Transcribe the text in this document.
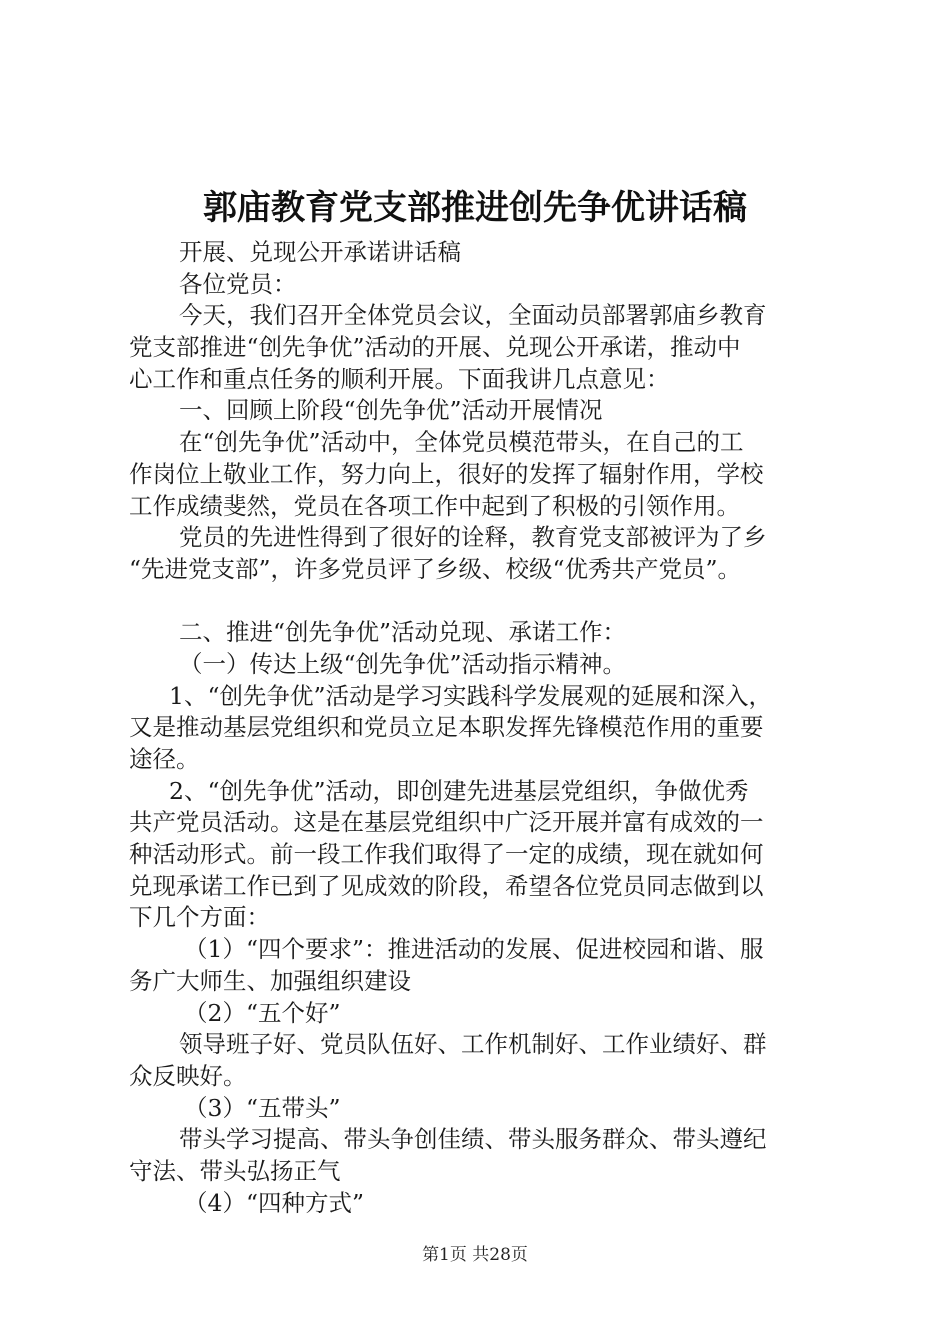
郭庙教育党支部推进创先争优讲话稿
开展、兑现公开承诺讲话稿
各位党员：
今天，我们召开全体党员会议，全面动员部署郭庙乡教育
党支部推进“创先争优”活动的开展、兑现公开承诺，推动中
心工作和重点任务的顺利开展。下面我讲几点意见：
一、回顾上阶段“创先争优”活动开展情况
在“创先争优”活动中，全体党员模范带头，在自己的工
作岗位上敬业工作，努力向上，很好的发挥了辐射作用，学校
工作成绩斐然，党员在各项工作中起到了积极的引领作用。
党员的先进性得到了很好的诠释，教育党支部被评为了乡
“先进党支部”，许多党员评了乡级、校级“优秀共产党员”。
二、推进“创先争优”活动兑现、承诺工作：
（一）传达上级“创先争优”活动指示精神。
1、“创先争优”活动是学习实践科学发展观的延展和深入，
又是推动基层党组织和党员立足本职发挥先锋模范作用的重要
途径。
2、“创先争优”活动，即创建先进基层党组织，争做优秀
共产党员活动。这是在基层党组织中广泛开展并富有成效的一
种活动形式。前一段工作我们取得了一定的成绩，现在就如何
兑现承诺工作已到了见成效的阶段，希望各位党员同志做到以
下几个方面：
（1）“四个要求”：推进活动的发展、促进校园和谐、服
务广大师生、加强组织建设
（2）“五个好”
领导班子好、党员队伍好、工作机制好、工作业绩好、群
众反映好。
（3）“五带头”
带头学习提高、带头争创佳绩、带头服务群众、带头遵纪
守法、带头弘扬正气
（4）“四种方式”
第1页 共28页
